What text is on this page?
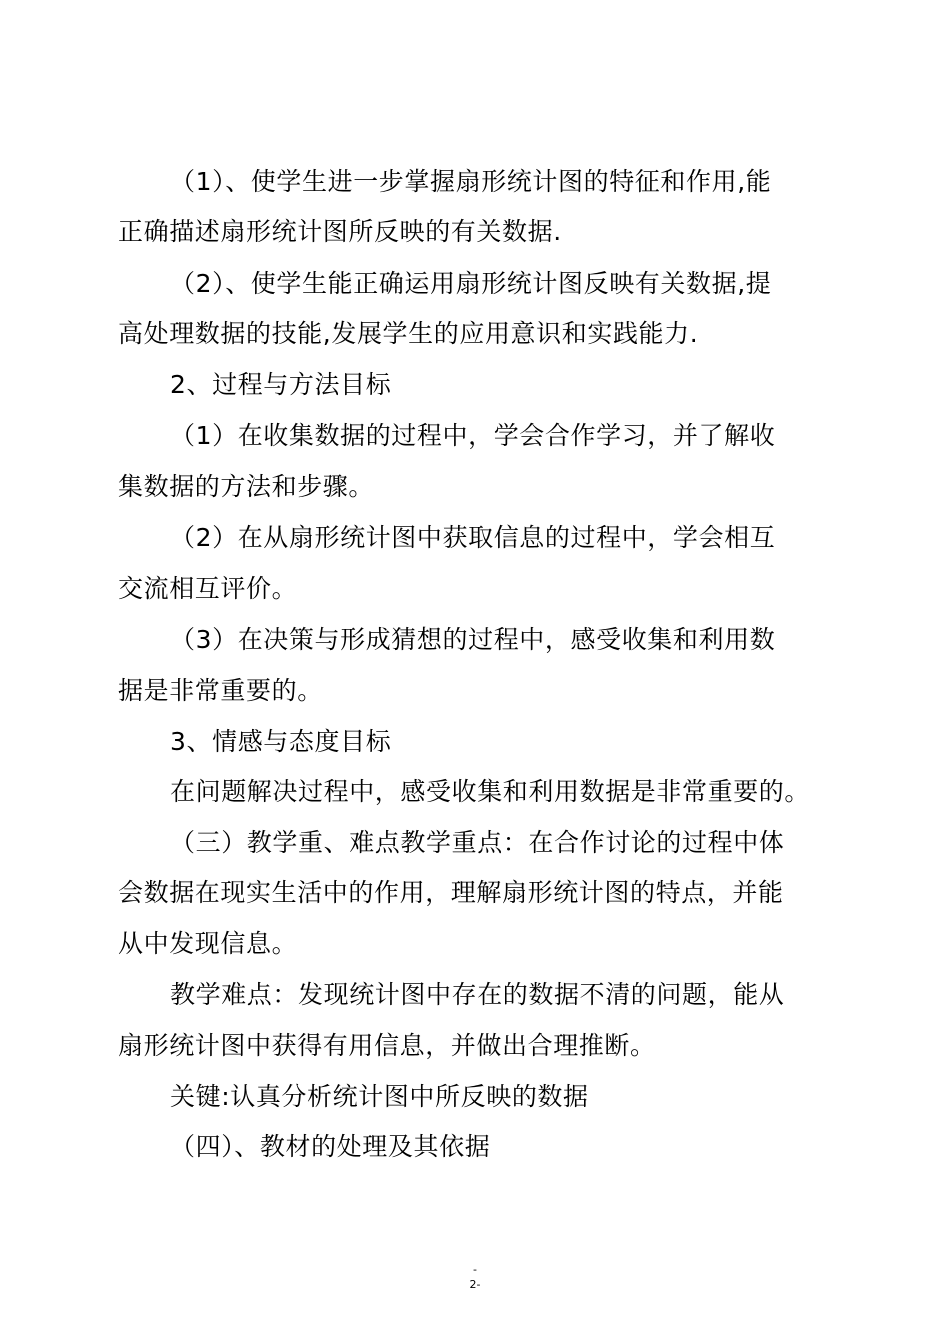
（1）、使学生进一步掌握扇形统计图的特征和作用,能
正确描述扇形统计图所反映的有关数据.
（2）、使学生能正确运用扇形统计图反映有关数据,提
高处理数据的技能,发展学生的应用意识和实践能力.
2、过程与方法目标
（1）在收集数据的过程中，学会合作学习，并了解收
集数据的方法和步骤。
（2）在从扇形统计图中获取信息的过程中，学会相互
交流相互评价。
（3）在决策与形成猜想的过程中，感受收集和利用数
据是非常重要的。
3、情感与态度目标
在问题解决过程中，感受收集和利用数据是非常重要的。
（三）教学重、难点教学重点：在合作讨论的过程中体
会数据在现实生活中的作用，理解扇形统计图的特点，并能
从中发现信息。
教学难点：发现统计图中存在的数据不清的问题，能从
扇形统计图中获得有用信息，并做出合理推断。
关键:认真分析统计图中所反映的数据
（四）、教材的处理及其依据
-
2-
